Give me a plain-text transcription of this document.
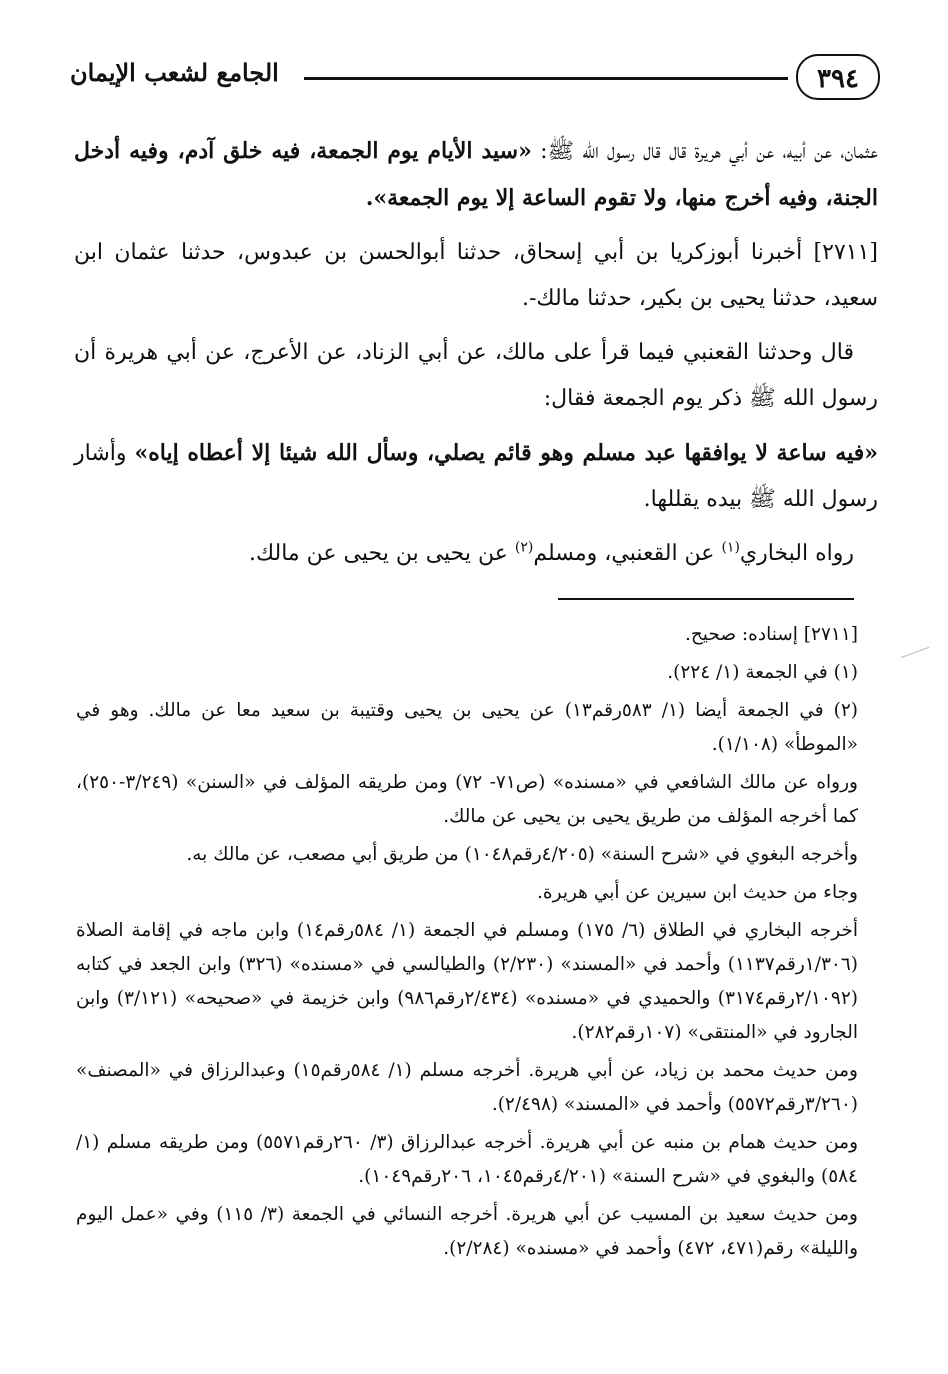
٣٩٤
الجامع لشعب الإيمان

عثمان، عن أبيه، عن أبي هريرة قال قال رسول الله ﷺ: «سيد الأيام يوم الجمعة، فيه خلق آدم، وفيه أدخل الجنة، وفيه أخرج منها، ولا تقوم الساعة إلا يوم الجمعة».

[٢٧١١] أخبرنا أبوزكريا بن أبي إسحاق، حدثنا أبوالحسن بن عبدوس، حدثنا عثمان ابن سعيد، حدثنا يحيى بن بكير، حدثنا مالك-.

قال وحدثنا القعنبي فيما قرأ على مالك، عن أبي الزناد، عن الأعرج، عن أبي هريرة أن رسول الله ﷺ ذكر يوم الجمعة فقال:

«فيه ساعة لا يوافقها عبد مسلم وهو قائم يصلي، وسأل الله شيئا إلا أعطاه إياه» وأشار رسول الله ﷺ بيده يقللها.

رواه البخاري$^{(١)}$ عن القعنبي، ومسلم$^{(٢)}$ عن يحيى بن يحيى عن مالك.

[٢٧١١] إسناده: صحيح.

(١) في الجمعة (١/ ٢٢٤).

(٢) في الجمعة أيضا (١/ ٥٨٣رقم١٣) عن يحيى بن يحيى وقتيبة بن سعيد معا عن مالك. وهو في «الموطأ» (١/١٠٨).

ورواه عن مالك الشافعي في «مسنده» (ص٧١- ٧٢) ومن طريقه المؤلف في «السنن» (٣/٢٤٩-٢٥٠)، كما أخرجه المؤلف من طريق يحيى بن يحيى عن مالك.

وأخرجه البغوي في «شرح السنة» (٤/٢٠٥رقم١٠٤٨) من طريق أبي مصعب، عن مالك به.

وجاء من حديث ابن سيرين عن أبي هريرة.

أخرجه البخاري في الطلاق (٦/ ١٧٥) ومسلم في الجمعة (١/ ٥٨٤رقم١٤) وابن ماجه في إقامة الصلاة (١/٣٠٦رقم١١٣٧) وأحمد في «المسند» (٢/٢٣٠) والطيالسي في «مسنده» (٣٢٦) وابن الجعد في كتابه (٢/١٠٩٢رقم٣١٧٤) والحميدي في «مسنده» (٢/٤٣٤رقم٩٨٦) وابن خزيمة في «صحيحه» (٣/١٢١) وابن الجارود في «المنتقى» (١٠٧رقم٢٨٢).

ومن حديث محمد بن زياد، عن أبي هريرة. أخرجه مسلم (١/ ٥٨٤رقم١٥) وعبدالرزاق في «المصنف» (٣/٢٦٠رقم٥٥٧٢) وأحمد في «المسند» (٢/٤٩٨).

ومن حديث همام بن منبه عن أبي هريرة. أخرجه عبدالرزاق (٣/ ٢٦٠رقم٥٥٧١) ومن طريقه مسلم (١/ ٥٨٤) والبغوي في «شرح السنة» (٤/٢٠١رقم١٠٤٥، ٢٠٦رقم١٠٤٩).

ومن حديث سعيد بن المسيب عن أبي هريرة. أخرجه النسائي في الجمعة (٣/ ١١٥) وفي «عمل اليوم والليلة» رقم(٤٧١، ٤٧٢) وأحمد في «مسنده» (٢/٢٨٤).
